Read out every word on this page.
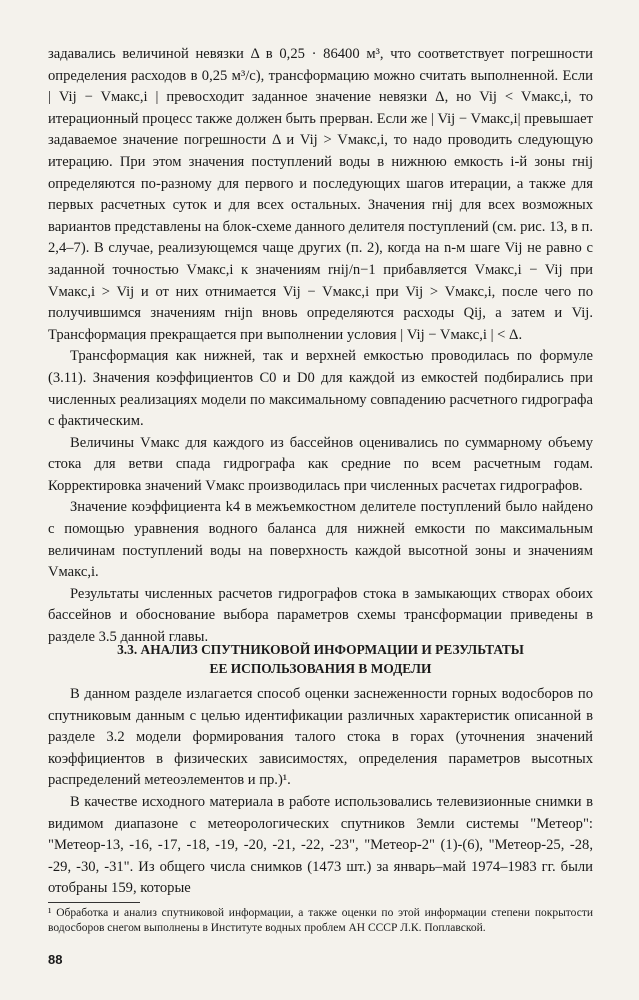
задавались величиной невязки Δ в 0,25 · 86400 м³, что соответствует погрешности определения расходов в 0,25 м³/с), трансформацию можно считать выполненной. Если | Vij − Vмакс,i | превосходит заданное значение невязки Δ, но Vij < Vмакс,i, то итерационный процесс также должен быть прерван. Если же | Vij − Vмакс,i| превышает задаваемое значение погрешности Δ и Vij > Vмакс,i, то надо проводить следующую итерацию. При этом значения поступлений воды в нижнюю емкость i-й зоны rнij определяются по-разному для первого и последующих шагов итерации, а также для первых расчетных суток и для всех остальных. Значения rнij для всех возможных вариантов представлены на блок-схеме данного делителя поступлений (см. рис. 13, в п. 2,4–7). В случае, реализующемся чаще других (п. 2), когда на n-м шаге Vij не равно с заданной точностью Vмакс,i к значениям rнij/n−1 прибавляется Vмакс,i − Vij при Vмакс,i > Vij и от них отнимается Vij − Vмакс,i при Vij > Vмакс,i, после чего по получившимся значениям rнijn вновь определяются расходы Qij, а затем и Vij. Трансформация прекращается при выполнении условия | Vij − Vмакс,i | < Δ.

Трансформация как нижней, так и верхней емкостью проводилась по формуле (3.11). Значения коэффициентов C0 и D0 для каждой из емкостей подбирались при численных реализациях модели по максимальному совпадению расчетного гидрографа с фактическим.

Величины Vмакс для каждого из бассейнов оценивались по суммарному объему стока для ветви спада гидрографа как средние по всем расчетным годам. Корректировка значений Vмакс производилась при численных расчетах гидрографов.

Значение коэффициента k4 в межъемкостном делителе поступлений было найдено с помощью уравнения водного баланса для нижней емкости по максимальным величинам поступлений воды на поверхность каждой высотной зоны и значениям Vмакс,i.

Результаты численных расчетов гидрографов стока в замыкающих створах обоих бассейнов и обоснование выбора параметров схемы трансформации приведены в разделе 3.5 данной главы.

3.3. АНАЛИЗ СПУТНИКОВОЙ ИНФОРМАЦИИ И РЕЗУЛЬТАТЫ
ЕЕ ИСПОЛЬЗОВАНИЯ В МОДЕЛИ

В данном разделе излагается способ оценки заснеженности горных водосборов по спутниковым данным с целью идентификации различных характеристик описанной в разделе 3.2 модели формирования талого стока в горах (уточнения значений коэффициентов в физических зависимостях, определения параметров высотных распределений метеоэлементов и пр.)¹.

В качестве исходного материала в работе использовались телевизионные снимки в видимом диапазоне с метеорологических спутников Земли системы "Метеор": "Метеор-13, -16, -17, -18, -19, -20, -21, -22, -23", "Метеор-2" (1)-(6), "Метеор-25, -28, -29, -30, -31". Из общего числа снимков (1473 шт.) за январь–май 1974–1983 гг. были отобраны 159, которые

¹ Обработка и анализ спутниковой информации, а также оценки по этой информации степени покрытости водосборов снегом выполнены в Институте водных проблем АН СССР Л.К. Поплавской.
88
